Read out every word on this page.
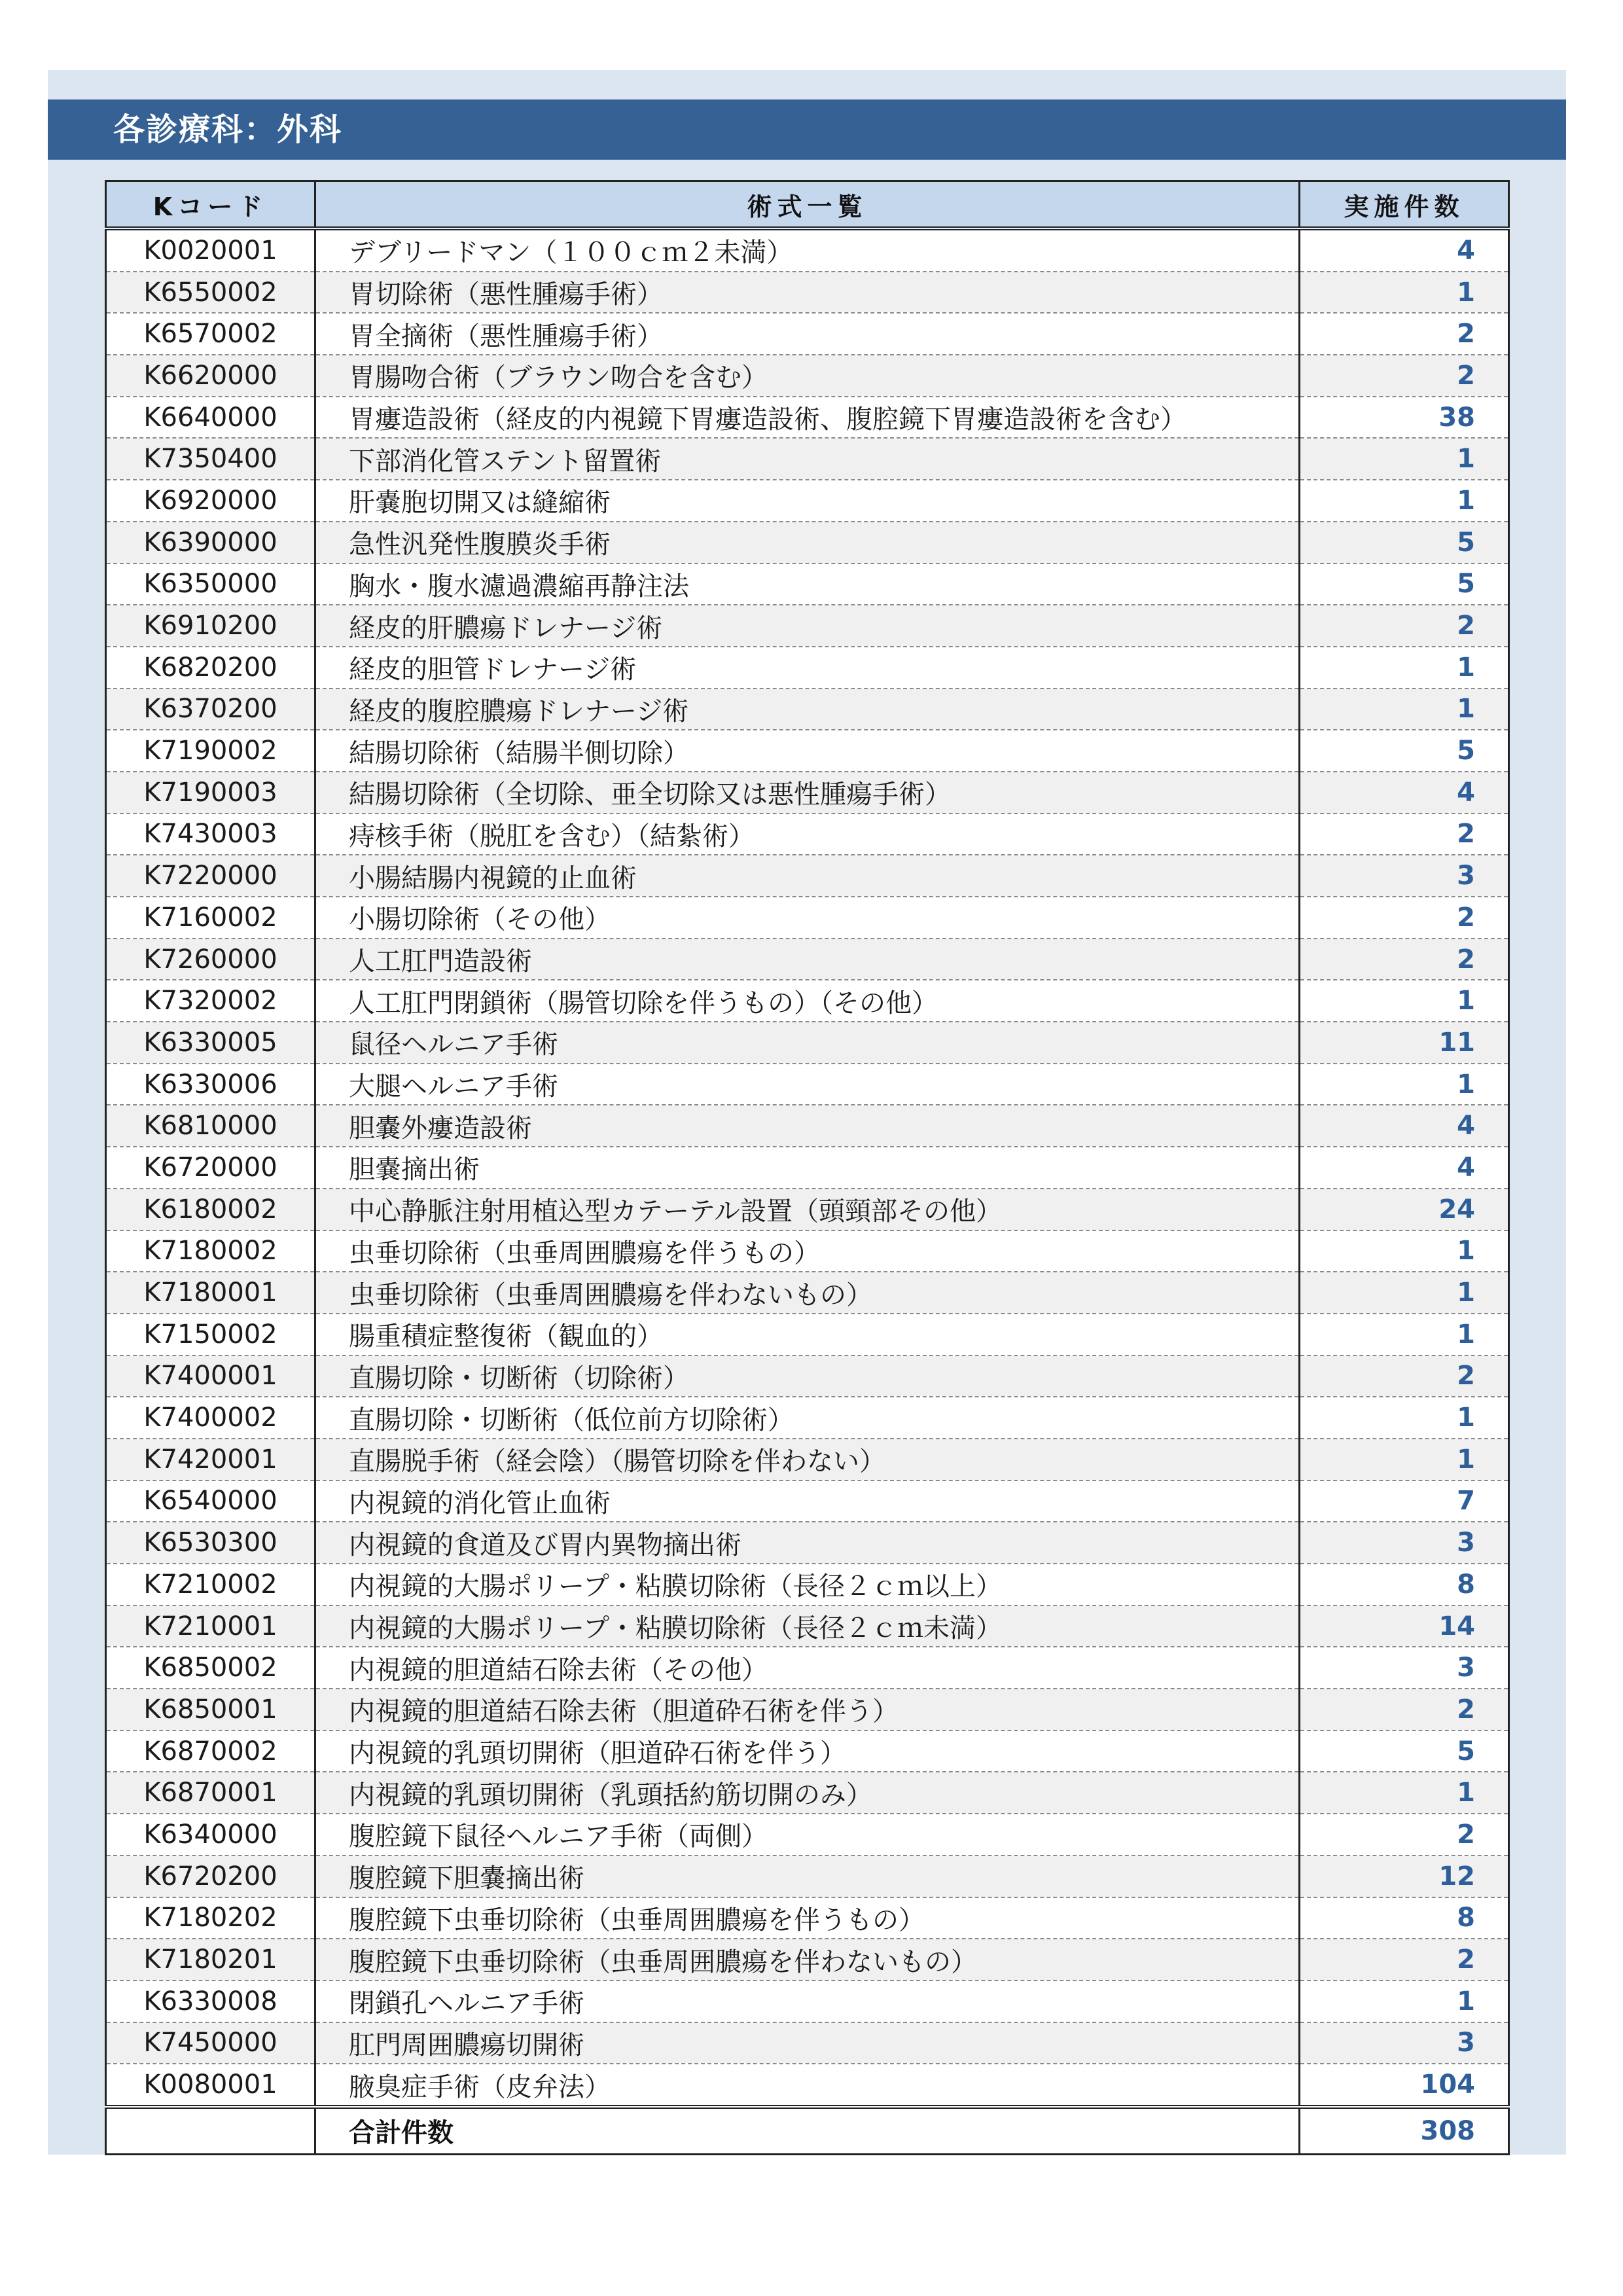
各診療科：外科
Kコード	術式一覧	実施件数
K0020001	デブリードマン（１００ｃｍ２未満）	4
K6550002	胃切除術（悪性腫瘍手術）	1
K6570002	胃全摘術（悪性腫瘍手術）	2
K6620000	胃腸吻合術（ブラウン吻合を含む）	2
K6640000	胃瘻造設術（経皮的内視鏡下胃瘻造設術、腹腔鏡下胃瘻造設術を含む）	38
K7350400	下部消化管ステント留置術	1
K6920000	肝嚢胞切開又は縫縮術	1
K6390000	急性汎発性腹膜炎手術	5
K6350000	胸水・腹水濾過濃縮再静注法	5
K6910200	経皮的肝膿瘍ドレナージ術	2
K6820200	経皮的胆管ドレナージ術	1
K6370200	経皮的腹腔膿瘍ドレナージ術	1
K7190002	結腸切除術（結腸半側切除）	5
K7190003	結腸切除術（全切除、亜全切除又は悪性腫瘍手術）	4
K7430003	痔核手術（脱肛を含む）（結紮術）	2
K7220000	小腸結腸内視鏡的止血術	3
K7160002	小腸切除術（その他）	2
K7260000	人工肛門造設術	2
K7320002	人工肛門閉鎖術（腸管切除を伴うもの）（その他）	1
K6330005	鼠径ヘルニア手術	11
K6330006	大腿ヘルニア手術	1
K6810000	胆嚢外瘻造設術	4
K6720000	胆嚢摘出術	4
K6180002	中心静脈注射用植込型カテーテル設置（頭頸部その他）	24
K7180002	虫垂切除術（虫垂周囲膿瘍を伴うもの）	1
K7180001	虫垂切除術（虫垂周囲膿瘍を伴わないもの）	1
K7150002	腸重積症整復術（観血的）	1
K7400001	直腸切除・切断術（切除術）	2
K7400002	直腸切除・切断術（低位前方切除術）	1
K7420001	直腸脱手術（経会陰）（腸管切除を伴わない）	1
K6540000	内視鏡的消化管止血術	7
K6530300	内視鏡的食道及び胃内異物摘出術	3
K7210002	内視鏡的大腸ポリープ・粘膜切除術（長径２ｃｍ以上）	8
K7210001	内視鏡的大腸ポリープ・粘膜切除術（長径２ｃｍ未満）	14
K6850002	内視鏡的胆道結石除去術（その他）	3
K6850001	内視鏡的胆道結石除去術（胆道砕石術を伴う）	2
K6870002	内視鏡的乳頭切開術（胆道砕石術を伴う）	5
K6870001	内視鏡的乳頭切開術（乳頭括約筋切開のみ）	1
K6340000	腹腔鏡下鼠径ヘルニア手術（両側）	2
K6720200	腹腔鏡下胆嚢摘出術	12
K7180202	腹腔鏡下虫垂切除術（虫垂周囲膿瘍を伴うもの）	8
K7180201	腹腔鏡下虫垂切除術（虫垂周囲膿瘍を伴わないもの）	2
K6330008	閉鎖孔ヘルニア手術	1
K7450000	肛門周囲膿瘍切開術	3
K0080001	腋臭症手術（皮弁法）	104
	合計件数	308
